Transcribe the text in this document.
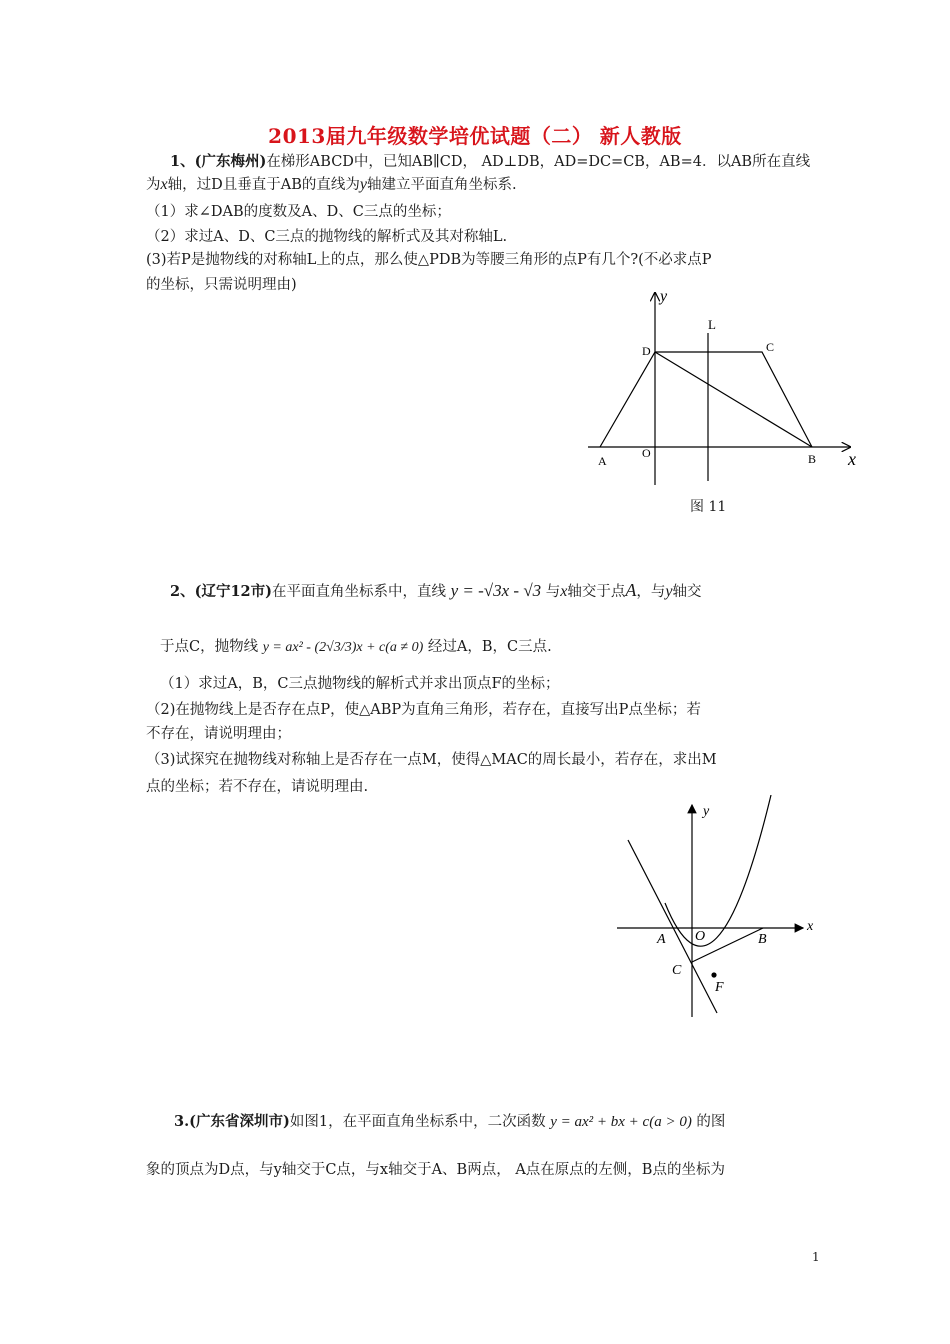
2013届九年级数学培优试题（二） 新人教版
1、(广东梅州)在梯形ABCD中，已知AB∥CD， AD⊥DB，AD=DC=CB，AB=4．以AB所在直线
为x轴，过D且垂直于AB的直线为y轴建立平面直角坐标系.
（1）求∠DAB的度数及A、D、C三点的坐标；
（2）求过A、D、C三点的抛物线的解析式及其对称轴L.
(3)若P是抛物线的对称轴L上的点，那么使△PDB为等腰三角形的点P有几个?(不必求点P
的坐标，只需说明理由)
y
L
D	C
A
O	B x
图 11
2、(辽宁12市)在平面直角坐标系中，直线 y = -√3x - √3 与x轴交于点A，与y轴交
于点C，抛物线 y = ax² - (2√3/3)x + c(a ≠ 0) 经过A，B，C三点.
（1）求过A，B，C三点抛物线的解析式并求出顶点F的坐标；
（2)在抛物线上是否存在点P，使△ABP为直角三角形，若存在，直接写出P点坐标；若
不存在，请说明理由；
（3)试探究在抛物线对称轴上是否存在一点M，使得△MAC的周长最小，若存在，求出M
点的坐标；若不存在，请说明理由.
y
x
A O	B
C
F
3.(广东省深圳市)如图1，在平面直角坐标系中，二次函数 y = ax² + bx + c(a > 0) 的图
象的顶点为D点，与y轴交于C点，与x轴交于A、B两点， A点在原点的左侧，B点的坐标为
1
